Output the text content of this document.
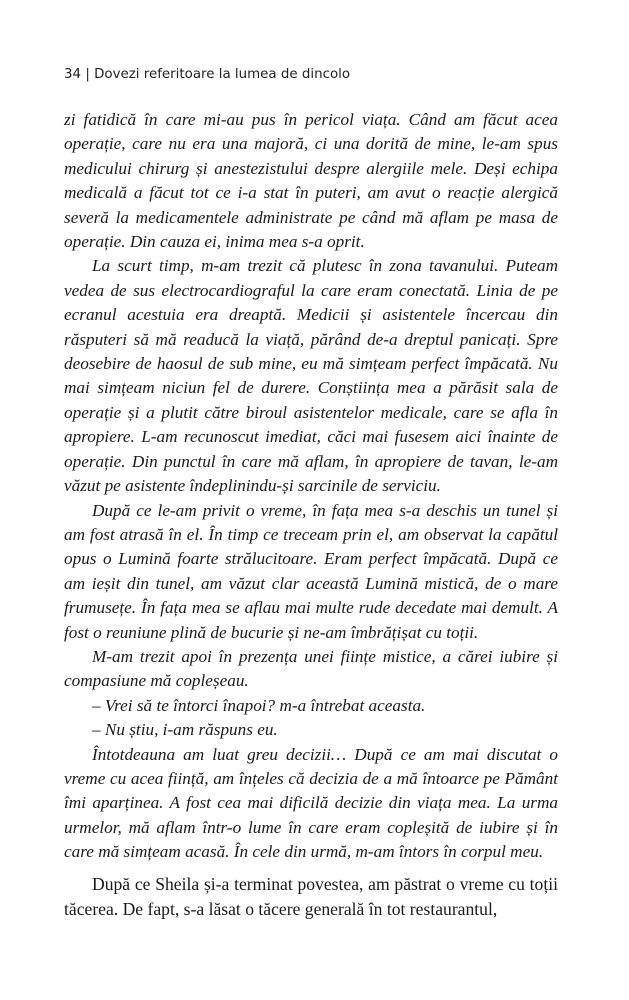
34 | Dovezi referitoare la lumea de dincolo

zi fatidică în care mi-au pus în pericol viața. Când am făcut acea operație, care nu era una majoră, ci una dorită de mine, le-am spus medicului chirurg și anestezistului despre alergiile mele. Deși echipa medicală a făcut tot ce i-a stat în puteri, am avut o reacție alergică severă la medicamentele administrate pe când mă aflam pe masa de operație. Din cauza ei, inima mea s-a oprit.

La scurt timp, m-am trezit că plutesc în zona tavanului. Puteam vedea de sus electrocardiograful la care eram conectată. Linia de pe ecranul acestuia era dreaptă. Medicii și asistentele încercau din răsputeri să mă readucă la viață, părând de-a dreptul panicați. Spre deosebire de haosul de sub mine, eu mă simțeam perfect împăcată. Nu mai simțeam niciun fel de durere. Conștiința mea a părăsit sala de operație și a plutit către biroul asistentelor medicale, care se afla în apropiere. L-am recunoscut imediat, căci mai fusesem aici înainte de operație. Din punctul în care mă aflam, în apropiere de tavan, le-am văzut pe asistente îndeplinindu-și sarcinile de serviciu.

După ce le-am privit o vreme, în fața mea s-a deschis un tunel și am fost atrasă în el. În timp ce treceam prin el, am observat la capătul opus o Lumină foarte strălucitoare. Eram perfect împăcată. După ce am ieșit din tunel, am văzut clar această Lumină mistică, de o mare frumusețe. În fața mea se aflau mai multe rude decedate mai demult. A fost o reuniune plină de bucurie și ne-am îmbrățișat cu toții.

M-am trezit apoi în prezența unei ființe mistice, a cărei iubire și compasiune mă copleșeau.

– Vrei să te întorci înapoi? m-a întrebat aceasta.

– Nu știu, i-am răspuns eu.

Întotdeauna am luat greu decizii… După ce am mai discutat o vreme cu acea ființă, am înțeles că decizia de a mă întoarce pe Pământ îmi aparținea. A fost cea mai dificilă decizie din viața mea. La urma urmelor, mă aflam într-o lume în care eram copleșită de iubire și în care mă simțeam acasă. În cele din urmă, m-am întors în corpul meu.

După ce Sheila și-a terminat povestea, am păstrat o vreme cu toții tăcerea. De fapt, s-a lăsat o tăcere generală în tot restaurantul,
